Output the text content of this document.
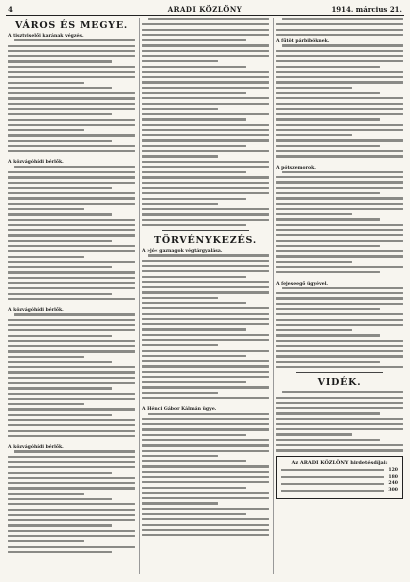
4	ARADI KÖZLÖNY	1914. március 21.
VÁROS ÉS MEGYE.
A tisztviselői karának végzés.
A közvágóhídi bérlők.
A közvágóhídi bérlők.
A közvágóhídi bérlők.
TÖRVÉNYKEZÉS.
A »jó« gaznagok végtárgyalása.
A Hénci Gábor Kálmán ügye.
A fűtöt párbiböknek.
A pótszemorok.
A fejeseegő ügyével.
VIDÉK.
Az ARADI KÖZLÖNY hirdetésdíjai:
120
180
240
300
